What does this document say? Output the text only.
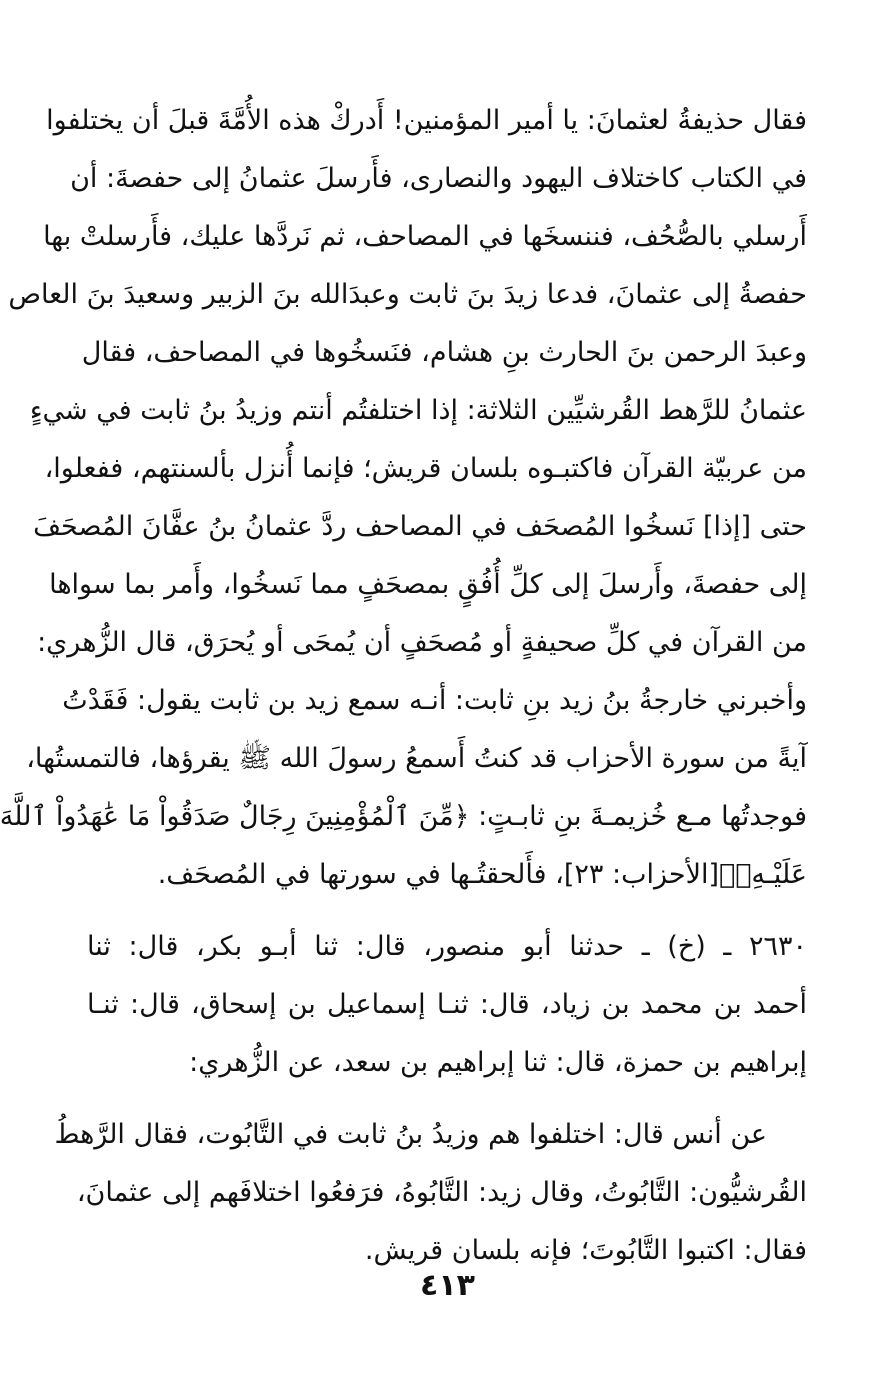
فقال حذيفةُ لعثمانَ: يا أمير المؤمنين! أَدركْ هذه الأُمَّةَ قبلَ أن يختلفوا
في الكتاب كاختلاف اليهود والنصارى، فأَرسلَ عثمانُ إلى حفصةَ: أن
أَرسلي بالصُّحُف، فننسخَها في المصاحف، ثم نَردَّها عليك، فأَرسلتْ بها
حفصةُ إلى عثمانَ، فدعا زيدَ بنَ ثابت وعبدَالله بنَ الزبير وسعيدَ بنَ العاص
وعبدَ الرحمن بنَ الحارث بنِ هشام، فنَسخُوها في المصاحف، فقال
عثمانُ للرَّهط القُرشيِّين الثلاثة: إذا اختلفتُم أنتم وزيدُ بنُ ثابت في شيءٍ
من عربيّة القرآن فاكتبـوه بلسان قريش؛ فإنما أُنزل بألسنتهم، ففعلوا،
حتى [إذا] نَسخُوا المُصحَف في المصاحف ردَّ عثمانُ بنُ عفَّانَ المُصحَفَ
إلى حفصةَ، وأَرسلَ إلى كلِّ أُفُقٍ بمصحَفٍ مما نَسخُوا، وأَمر بما سواها
من القرآن في كلِّ صحيفةٍ أو مُصحَفٍ أن يُمحَى أو يُحرَق، قال الزُّهري:
وأخبرني خارجةُ بنُ زيد بنِ ثابت: أنـه سمع زيد بن ثابت يقول: فَقَدْتُ
آيةً من سورة الأحزاب قد كنتُ أَسمعُ رسولَ الله ﷺ يقرؤها، فالتمستُها،
فوجدتُها مـع خُزيمـةَ بنِ ثابـتٍ: ﴿مِّنَ ٱلْمُؤْمِنِينَ رِجَالٌ صَدَقُواْ مَا عَٰهَدُواْ ٱللَّهَ
عَلَيْـهِۖ﴾[الأحزاب: ٢٣]، فأَلحقتُـها في سورتها في المُصحَف.
٢٦٣٠ ـ (خ) ـ حدثنا أبو منصور، قال: ثنا أبـو بكر، قال: ثنا
أحمد بن محمد بن زياد، قال: ثنـا إسماعيل بن إسحاق، قال: ثنـا
إبراهيم بن حمزة، قال: ثنا إبراهيم بن سعد، عن الزُّهري:
عن أنس قال: اختلفوا هم وزيدُ بنُ ثابت في التَّابُوت، فقال الرَّهطُ
القُرشيُّون: التَّابُوتُ، وقال زيد: التَّابُوهُ، فرَفعُوا اختلافَهم إلى عثمانَ،
فقال: اكتبوا التَّابُوتَ؛ فإنه بلسان قريش.
٤١٣
